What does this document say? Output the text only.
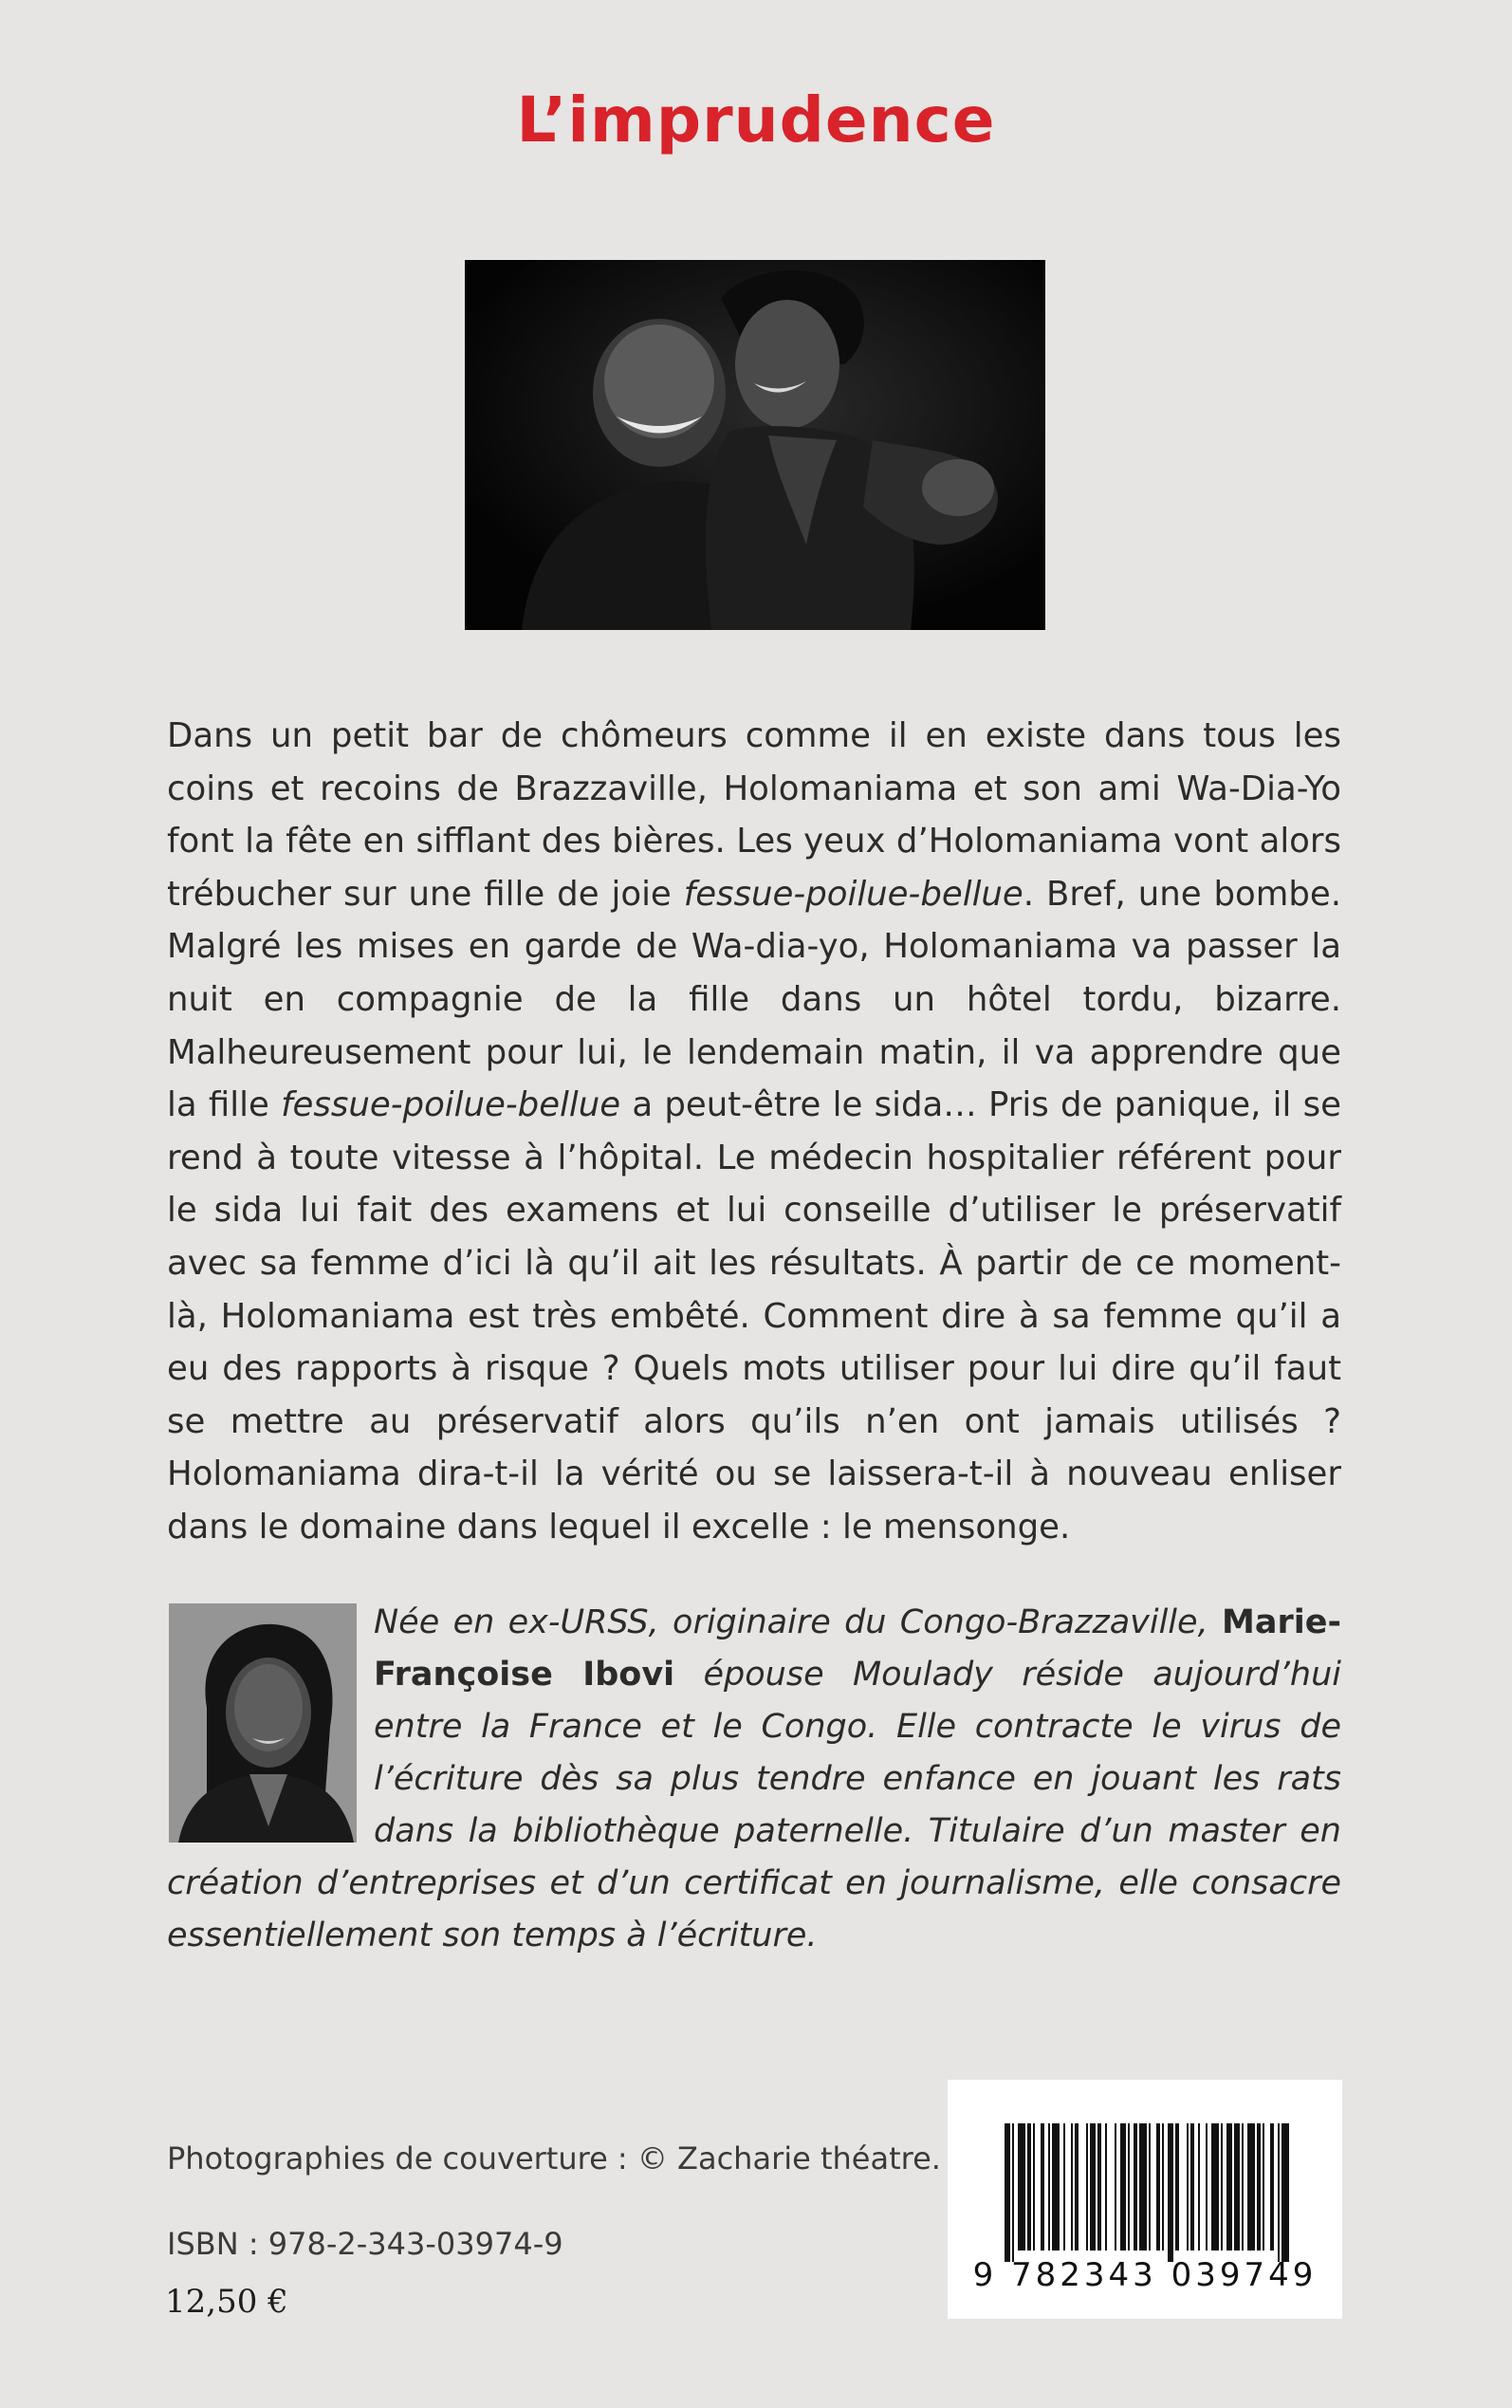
L’imprudence

Dans un petit bar de chômeurs comme il en existe dans tous les coins et recoins de Brazzaville, Holomaniama et son ami Wa-Dia-Yo font la fête en sifflant des bières. Les yeux d’Holomaniama vont alors trébucher sur une fille de joie fessue-poilue-bellue. Bref, une bombe. Malgré les mises en garde de Wa-dia-yo, Holomaniama va passer la nuit en compagnie de la fille dans un hôtel tordu, bizarre. Malheureusement pour lui, le lendemain matin, il va apprendre que la fille fessue-poilue-bellue a peut-être le sida… Pris de panique, il se rend à toute vitesse à l’hôpital. Le médecin hospitalier référent pour le sida lui fait des examens et lui conseille d’utiliser le préservatif avec sa femme d’ici là qu’il ait les résultats. À partir de ce moment-là, Holomaniama est très embêté. Comment dire à sa femme qu’il a eu des rapports à risque ? Quels mots utiliser pour lui dire qu’il faut se mettre au préservatif alors qu’ils n’en ont jamais utilisés ? Holomaniama dira-t-il la vérité ou se laissera-t-il à nouveau enliser dans le domaine dans lequel il excelle : le mensonge.

Née en ex-URSS, originaire du Congo-Brazzaville, Marie-Françoise Ibovi épouse Moulady réside aujourd’hui entre la France et le Congo. Elle contracte le virus de l’écriture dès sa plus tendre enfance en jouant les rats dans la bibliothèque paternelle. Titulaire d’un master en création d’entreprises et d’un certificat en journalisme, elle consacre essentiellement son temps à l’écriture.

Photographies de couverture : © Zacharie théatre.

ISBN : 978-2-343-03974-9

12,50 €

9 782343 039749
